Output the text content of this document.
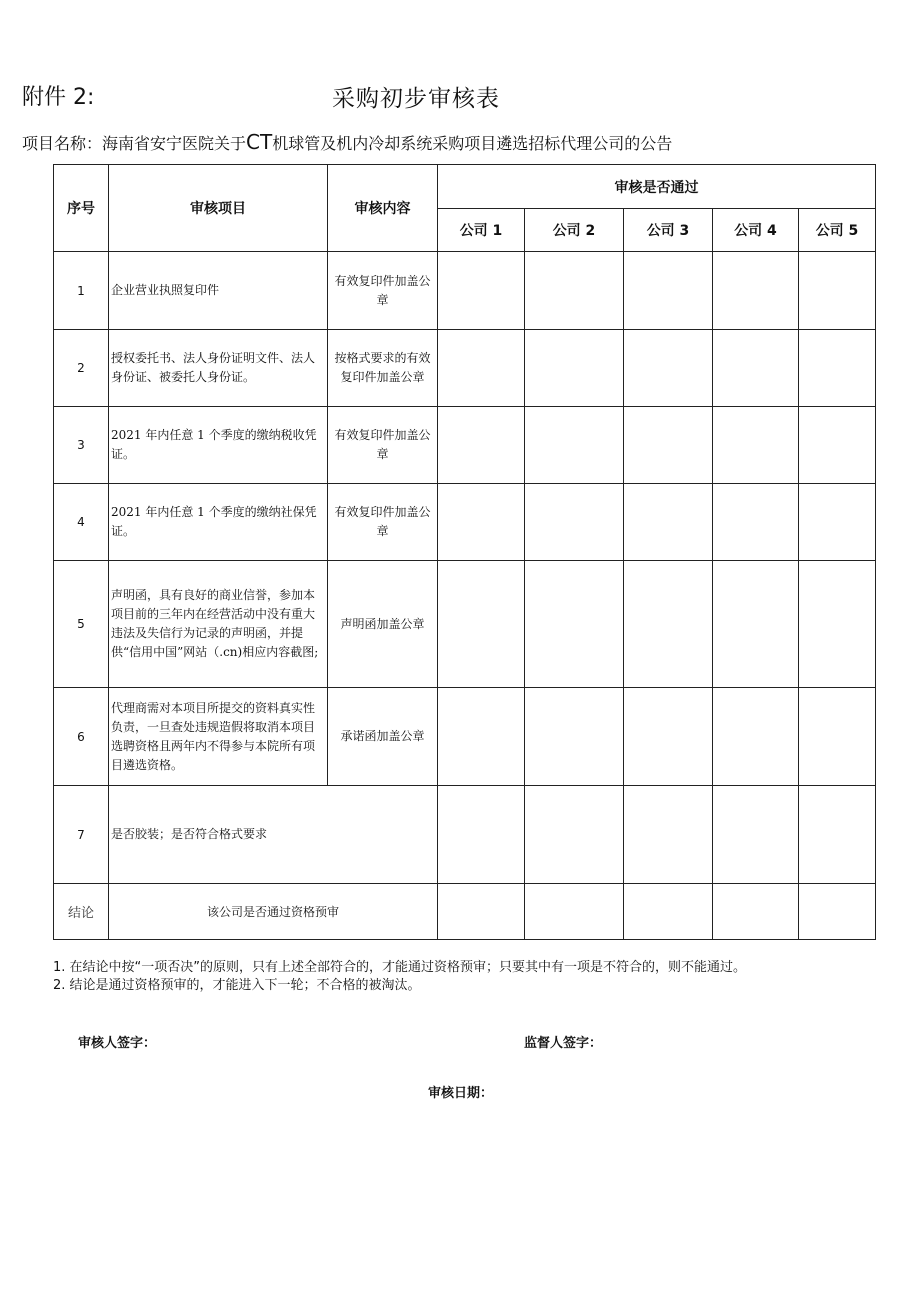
附件 2:	采购初步审核表
项目名称：海南省安宁医院关于CT机球管及机内冷却系统采购项目遴选招标代理公司的公告
序号	审核项目	审核内容	审核是否通过				
			公司 1	公司 2	公司 3	公司 4	公司 5
1	企业营业执照复印件	有效复印件加盖公章					
2	授权委托书、法人身份证明文件、法人身份证、被委托人身份证。	按格式要求的有效复印件加盖公章					
3	2021 年内任意 1 个季度的缴纳税收凭证。	有效复印件加盖公章					
4	2021 年内任意 1 个季度的缴纳社保凭证。	有效复印件加盖公章					
5	声明函，具有良好的商业信誉，参加本项目前的三年内在经营活动中没有重大违法及失信行为记录的声明函，并提供“信用中国”网站（.cn)相应内容截图;	声明函加盖公章					
6	代理商需对本项目所提交的资料真实性负责，一旦查处违规造假将取消本项目选聘资格且两年内不得参与本院所有项目遴选资格。	承诺函加盖公章					
7	是否胶装；是否符合格式要求						
结论	该公司是否通过资格预审						
1. 在结论中按“一项否决”的原则，只有上述全部符合的，才能通过资格预审；只要其中有一项是不符合的，则不能通过。
2. 结论是通过资格预审的，才能进入下一轮；不合格的被淘汰。
审核人签字：	监督人签字：
审核日期：
